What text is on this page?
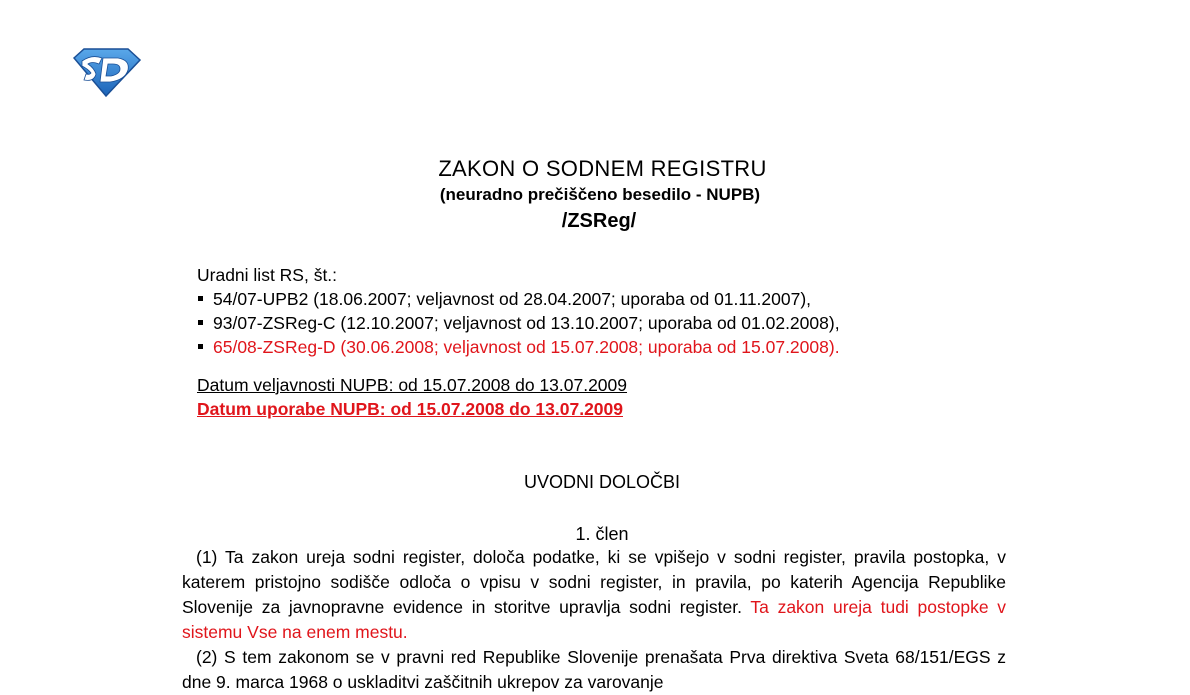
ZAKON O SODNEM REGISTRU
(neuradno prečiščeno besedilo - NUPB)
/ZSReg/
Uradni list RS, št.:
54/07-UPB2 (18.06.2007; veljavnost od 28.04.2007; uporaba od 01.11.2007),
93/07-ZSReg-C (12.10.2007; veljavnost od 13.10.2007; uporaba od 01.02.2008),
65/08-ZSReg-D (30.06.2008; veljavnost od 15.07.2008; uporaba od 15.07.2008).
Datum veljavnosti NUPB: od 15.07.2008 do 13.07.2009
Datum uporabe NUPB: od 15.07.2008 do 13.07.2009
UVODNI DOLOČBI
1. člen

(1) Ta zakon ureja sodni register, določa podatke, ki se vpišejo v sodni register, pravila postopka, v katerem pristojno sodišče odloča o vpisu v sodni register, in pravila, po katerih Agencija Republike Slovenije za javnopravne evidence in storitve upravlja sodni register. Ta zakon ureja tudi postopke v sistemu Vse na enem mestu.

(2) S tem zakonom se v pravni red Republike Slovenije prenašata Prva direktiva Sveta 68/151/EGS z dne 9. marca 1968 o uskladitvi zaščitnih ukrepov za varovanje
